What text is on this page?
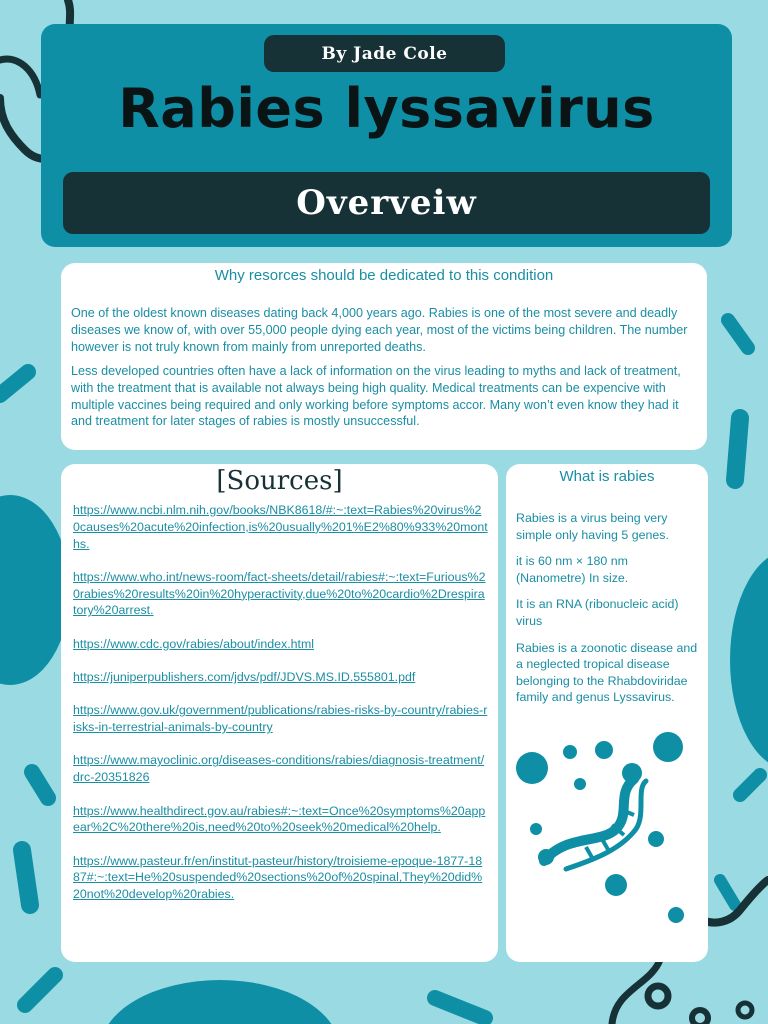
By Jade Cole
Rabies lyssavirus
Overveiw
Why resorces should be dedicated to this condition

One of the oldest known diseases dating back 4,000 years ago. Rabies is one of the most severe and deadly diseases we know of, with over 55,000 people dying each year, most of the victims being children. The number however is not truly known from mainly from unreported deaths.

Less developed countries often have a lack of information on the virus leading to myths and lack of treatment, with the treatment that is available not always being high quality. Medical treatments can be expencive with multiple vaccines being required and only working before symptoms accor. Many won’t even know they had it and treatment for later stages of rabies is mostly unsuccessful.

[Sources]
https://www.ncbi.nlm.nih.gov/books/NBK8618/#:~:text=Rabies%20virus%20causes%20acute%20infection,is%20usually%201%E2%80%933%20months.
https://www.who.int/news-room/fact-sheets/detail/rabies#:~:text=Furious%20rabies%20results%20in%20hyperactivity,due%20to%20cardio%2Drespiratory%20arrest.
https://www.cdc.gov/rabies/about/index.html
https://juniperpublishers.com/jdvs/pdf/JDVS.MS.ID.555801.pdf
https://www.gov.uk/government/publications/rabies-risks-by-country/rabies-risks-in-terrestrial-animals-by-country
https://www.mayoclinic.org/diseases-conditions/rabies/diagnosis-treatment/drc-20351826
https://www.healthdirect.gov.au/rabies#:~:text=Once%20symptoms%20appear%2C%20there%20is,need%20to%20seek%20medical%20help.
https://www.pasteur.fr/en/institut-pasteur/history/troisieme-epoque-1877-1887#:~:text=He%20suspended%20sections%20of%20spinal,They%20did%20not%20develop%20rabies.
What is rabies

Rabies is a virus being very simple only having 5 genes.

it is 60 nm × 180 nm (Nanometre) In size.

It is an RNA (ribonucleic acid) virus

Rabies is a zoonotic disease and a neglected tropical disease belonging to the Rhabdoviridae family and genus Lyssavirus.
